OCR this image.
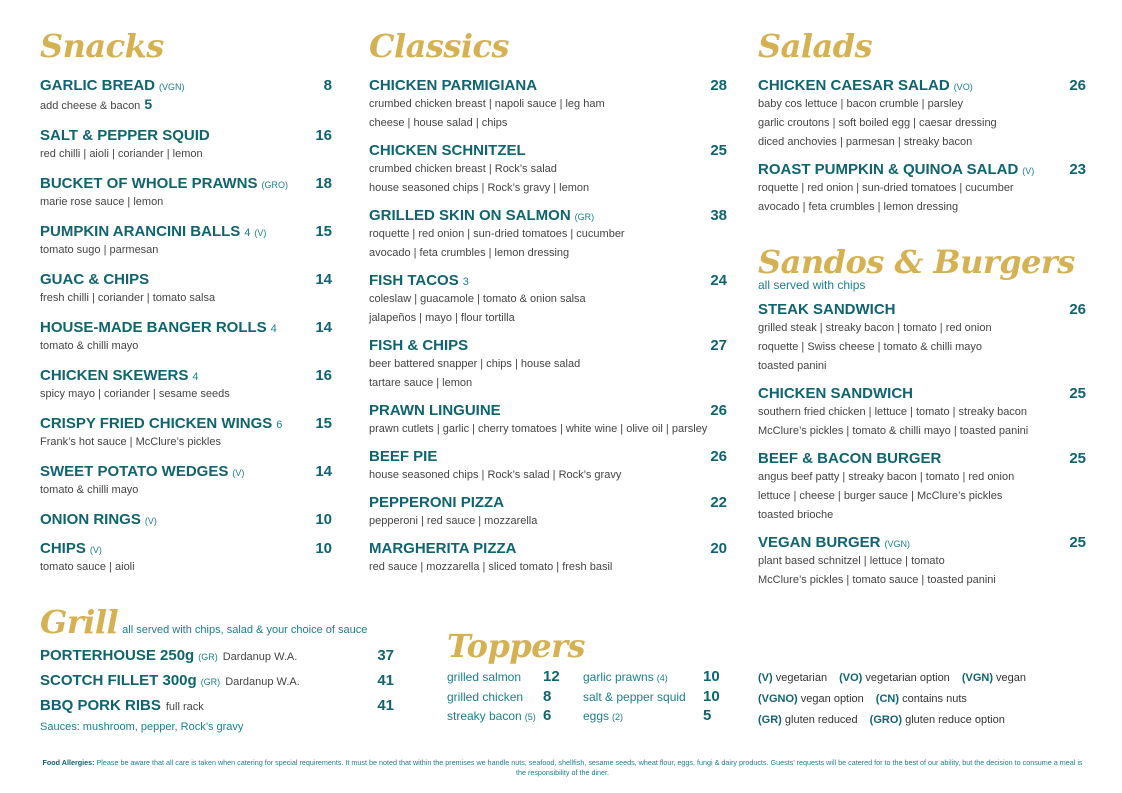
Snacks
GARLIC BREAD (VGN)	8
add cheese & bacon 5
SALT & PEPPER SQUID	16
red chilli | aioli | coriander | lemon
BUCKET OF WHOLE PRAWNS (GRO)	18
marie rose sauce | lemon
PUMPKIN ARANCINI BALLS 4 (V)	15
tomato sugo | parmesan
GUAC & CHIPS	14
fresh chilli | coriander | tomato salsa
HOUSE-MADE BANGER ROLLS 4	14
tomato & chilli mayo
CHICKEN SKEWERS 4	16
spicy mayo | coriander | sesame seeds
CRISPY FRIED CHICKEN WINGS 6	15
Frank’s hot sauce | McClure’s pickles
SWEET POTATO WEDGES (V)	14
tomato & chilli mayo
ONION RINGS (V)	10
CHIPS (V)	10
tomato sauce | aioli
Classics
CHICKEN PARMIGIANA	28
crumbed chicken breast | napoli sauce | leg ham
cheese | house salad | chips
CHICKEN SCHNITZEL	25
crumbed chicken breast | Rock’s salad
house seasoned chips | Rock’s gravy | lemon
GRILLED SKIN ON SALMON (GR)	38
roquette | red onion | sun-dried tomatoes | cucumber
avocado | feta crumbles | lemon dressing
FISH TACOS 3	24
coleslaw | guacamole | tomato & onion salsa
jalapeños | mayo | flour tortilla
FISH & CHIPS	27
beer battered snapper | chips | house salad
tartare sauce | lemon
PRAWN LINGUINE	26
prawn cutlets | garlic | cherry tomatoes | white wine | olive oil | parsley
BEEF PIE	26
house seasoned chips | Rock’s salad | Rock’s gravy
PEPPERONI PIZZA	22
pepperoni | red sauce | mozzarella
MARGHERITA PIZZA	20
red sauce | mozzarella | sliced tomato | fresh basil
Salads
CHICKEN CAESAR SALAD (VO)	26
baby cos lettuce | bacon crumble | parsley
garlic croutons | soft boiled egg | caesar dressing
diced anchovies | parmesan | streaky bacon
ROAST PUMPKIN & QUINOA SALAD (V)	23
roquette | red onion | sun-dried tomatoes | cucumber
avocado | feta crumbles | lemon dressing
Sandos & Burgers
all served with chips
STEAK SANDWICH	26
grilled steak | streaky bacon | tomato | red onion
roquette | Swiss cheese | tomato & chilli mayo
toasted panini
CHICKEN SANDWICH	25
southern fried chicken | lettuce | tomato | streaky bacon
McClure’s pickles | tomato & chilli mayo | toasted panini
BEEF & BACON BURGER	25
angus beef patty | streaky bacon | tomato | red onion
lettuce | cheese | burger sauce | McClure’s pickles
toasted brioche
VEGAN BURGER (VGN)	25
plant based schnitzel | lettuce | tomato
McClure’s pickles | tomato sauce | toasted panini
Grill all served with chips, salad & your choice of sauce
PORTERHOUSE 250g (GR) Dardanup W.A.	37
SCOTCH FILLET 300g (GR) Dardanup W.A.	41
BBQ PORK RIBS full rack	41
Sauces: mushroom, pepper, Rock’s gravy
Toppers
grilled salmon	12	garlic prawns (4)	10
grilled chicken	8	salt & pepper squid	10
streaky bacon (5) 6	eggs (2)	5
(V) vegetarian (VO) vegetarian option (VGN) vegan
(VGNO) vegan option (CN) contains nuts
(GR) gluten reduced (GRO) gluten reduce option
Food Allergies: Please be aware that all care is taken when catering for special requirements. It must be noted that within the premises we handle nuts, seafood, shellfish, sesame seeds, wheat flour, eggs, fungi & dairy products. Guests’ requests will be catered for to the best of our ability, but the decision to consume a meal is the responsibility of the diner.
